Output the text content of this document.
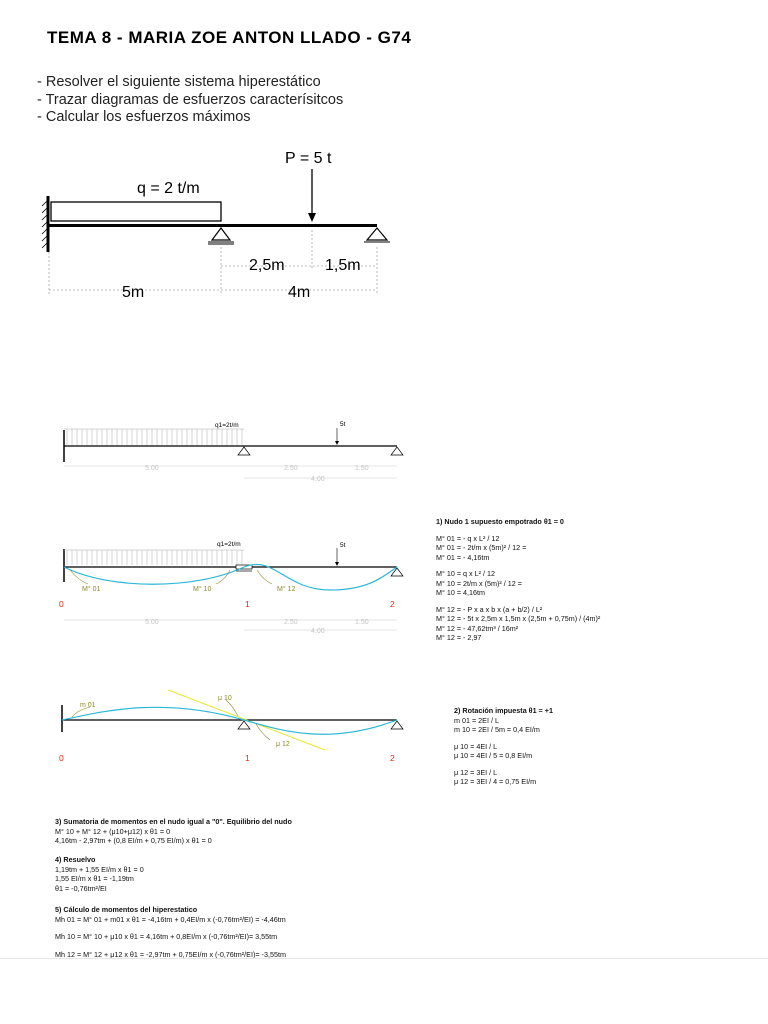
TEMA 8 - MARIA ZOE ANTON LLADO - G74
- Resolver el siguiente sistema hiperestático
- Trazar diagramas de esfuerzos caracterísitcos
- Calcular los esfuerzos máximos
q = 2 t/m
P = 5 t
2,5m	1,5m
5m	4m
q1=2t/m	5t
5.00	2.50	1.50
4.00
M° 01	M° 10	M° 12
0	1	2
q1=2t/m	5t
5.00	2.50	1.50
4.00
m 01
μ 10
μ 12
0	1	2
1) Nudo 1 supuesto empotrado θ1 = 0
M° 01 = - q x L² / 12
M° 01 = - 2t/m x (5m)² / 12 =
M° 01 = - 4,16tm
M° 10 = q x L² / 12
M° 10 = 2t/m x (5m)² / 12 =
M° 10 = 4,16tm
M° 12 = - P x a x b x (a + b/2) / L²
M° 12 = - 5t x 2,5m x 1,5m x (2,5m + 0,75m) / (4m)²
M° 12 = - 47,62tm³ / 16m²
M° 12 = - 2,97
2) Rotación impuesta θ1 = +1
m 01 = 2EI / L
m 10 = 2EI / 5m = 0,4 EI/m
μ 10 = 4EI / L
μ 10 = 4EI / 5 = 0,8 EI/m
μ 12 = 3EI / L
μ 12 = 3EI / 4 = 0,75 EI/m
3) Sumatoria de momentos en el nudo igual a "0". Equilibrio del nudo
M° 10 + M° 12 + (μ10+μ12) x θ1 = 0
4,16tm - 2,97tm + (0,8 EI/m + 0,75 EI/m) x θ1 = 0
4) Resuelvo
1,19tm + 1,55 EI/m x θ1 = 0
1,55 EI/m x θ1 = -1,19tm
θ1 = -0,76tm²/EI
5) Cálculo de momentos del hiperestatico
Mh 01 = M° 01 + m01 x θ1 = -4,16tm + 0,4EI/m x (-0,76tm²/EI) = -4,46tm
Mh 10 = M° 10 + μ10 x θ1 = 4,16tm + 0,8EI/m x (-0,76tm²/EI)= 3,55tm
Mh 12 = M° 12 + μ12 x θ1 = -2,97tm + 0,75EI/m x (-0,76tm²/EI)= -3,55tm
